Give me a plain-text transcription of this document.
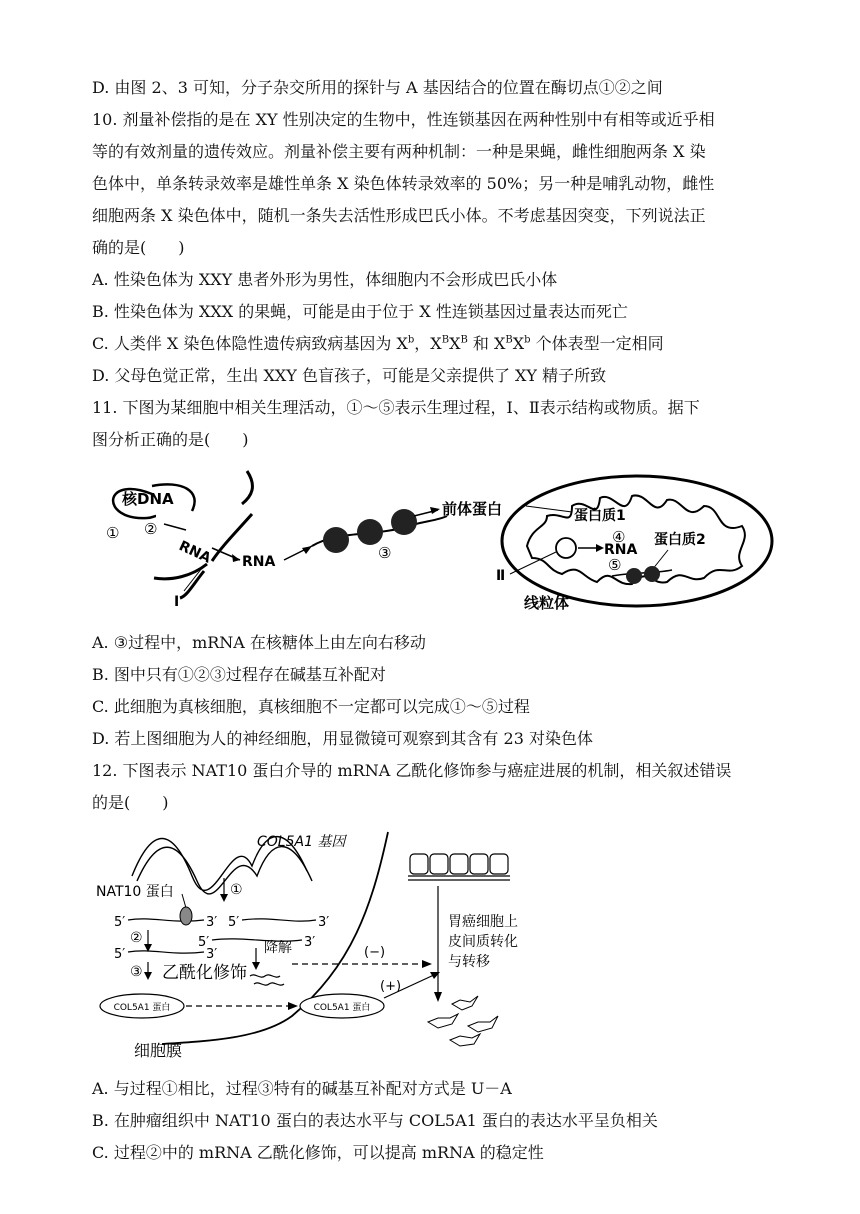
D. 由图 2、3 可知，分子杂交所用的探针与 A 基因结合的位置在酶切点①②之间
10. 剂量补偿指的是在 XY 性别决定的生物中，性连锁基因在两种性别中有相等或近乎相
等的有效剂量的遗传效应。剂量补偿主要有两种机制：一种是果蝇，雌性细胞两条 X 染
色体中，单条转录效率是雄性单条 X 染色体转录效率的 50%；另一种是哺乳动物，雌性
细胞两条 X 染色体中，随机一条失去活性形成巴氏小体。不考虑基因突变，下列说法正
确的是(　　)
A. 性染色体为 XXY 患者外形为男性，体细胞内不会形成巴氏小体
B. 性染色体为 XXX 的果蝇，可能是由于位于 X 性连锁基因过量表达而死亡
C. 人类伴 X 染色体隐性遗传病致病基因为 $X^b$，$X^BX^B$ 和 $X^BX^b$ 个体表型一定相同
D. 父母色觉正常，生出 XXY 色盲孩子，可能是父亲提供了 XY 精子所致
11. 下图为某细胞中相关生理活动，①～⑤表示生理过程，Ⅰ、Ⅱ表示结构或物质。据下
图分析正确的是(　　)
核DNA
① ②
RNA
Ⅰ
RNA	③
前体蛋白	蛋白质1
④
RNA
蛋白质2
⑤
Ⅱ
线粒体
A. ③过程中，mRNA 在核糖体上由左向右移动
B. 图中只有①②③过程存在碱基互补配对
C. 此细胞为真核细胞，真核细胞不一定都可以完成①～⑤过程
D. 若上图细胞为人的神经细胞，用显微镜可观察到其含有 23 对染色体
12. 下图表示 NAT10 蛋白介导的 mRNA 乙酰化修饰参与癌症进展的机制，相关叙述错误
的是(　　)
COL5A1 基因
NAT10 蛋白	①
5′	3′ 5′	3′
5′	3′
②
5′	3′	降解
③ 乙酰化修饰
(−)
COL5A1 蛋白
细胞膜
COL5A1 蛋白
(+)
胃癌细胞上
皮间质转化
与转移
A. 与过程①相比，过程③特有的碱基互补配对方式是 U－A
B. 在肿瘤组织中 NAT10 蛋白的表达水平与 COL5A1 蛋白的表达水平呈负相关
C. 过程②中的 mRNA 乙酰化修饰，可以提高 mRNA 的稳定性
